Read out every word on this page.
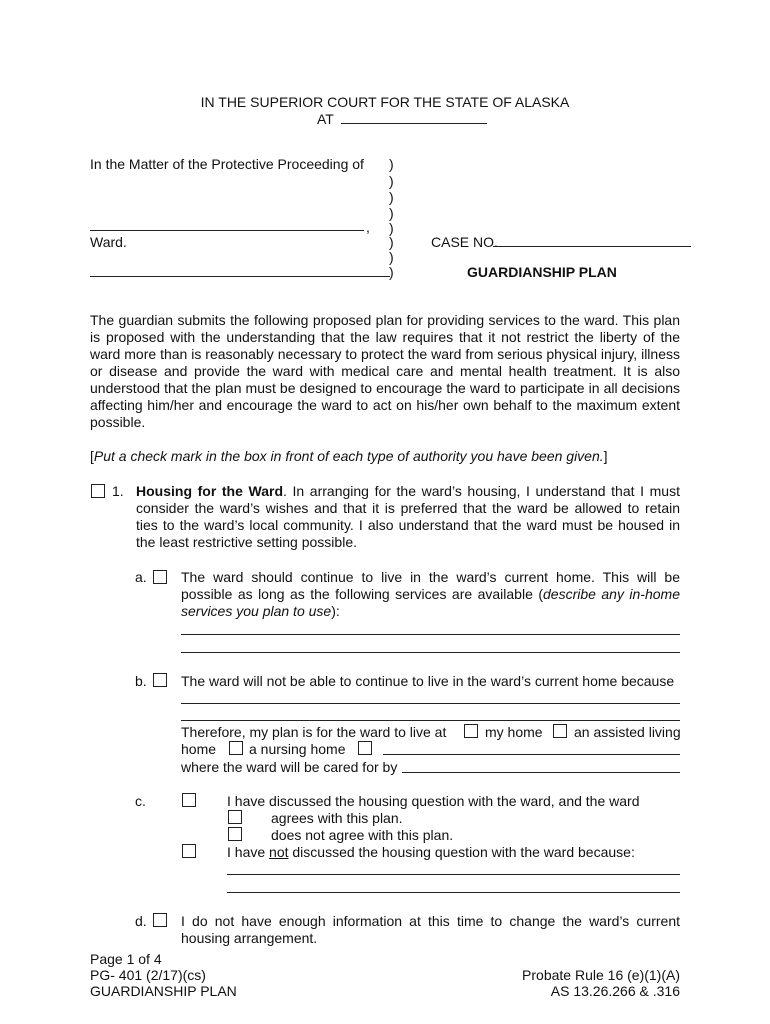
IN THE SUPERIOR COURT FOR THE STATE OF ALASKA
AT
In the Matter of the Protective Proceeding of )
)
)
)
)
)
)
)
,
Ward.	CASE NO.
GUARDIANSHIP PLAN
The guardian submits the following proposed plan for providing services to the ward. This plan
is proposed with the understanding that the law requires that it not restrict the liberty of the
ward more than is reasonably necessary to protect the ward from serious physical injury, illness
or disease and provide the ward with medical care and mental health treatment. It is also
understood that the plan must be designed to encourage the ward to participate in all decisions
affecting him/her and encourage the ward to act on his/her own behalf to the maximum extent
possible.
[Put a check mark in the box in front of each type of authority you have been given.]
1. Housing for the Ward. In arranging for the ward’s housing, I understand that I must
consider the ward’s wishes and that it is preferred that the ward be allowed to retain
ties to the ward’s local community. I also understand that the ward must be housed in
the least restrictive setting possible.
a. The ward should continue to live in the ward’s current home. This will be
possible as long as the following services are available (describe any in-home
services you plan to use):
b. The ward will not be able to continue to live in the ward’s current home because
Therefore, my plan is for the ward to live at	my home an assisted living
home a nursing home
where the ward will be cared for by
c.	I have discussed the housing question with the ward, and the ward
agrees with this plan.
does not agree with this plan.
I have not discussed the housing question with the ward because:
d. I do not have enough information at this time to change the ward’s current
housing arrangement.
Page 1 of 4
PG- 401 (2/17)(cs)
GUARDIANSHIP PLAN
Probate Rule 16 (e)(1)(A)
AS 13.26.266 & .316
